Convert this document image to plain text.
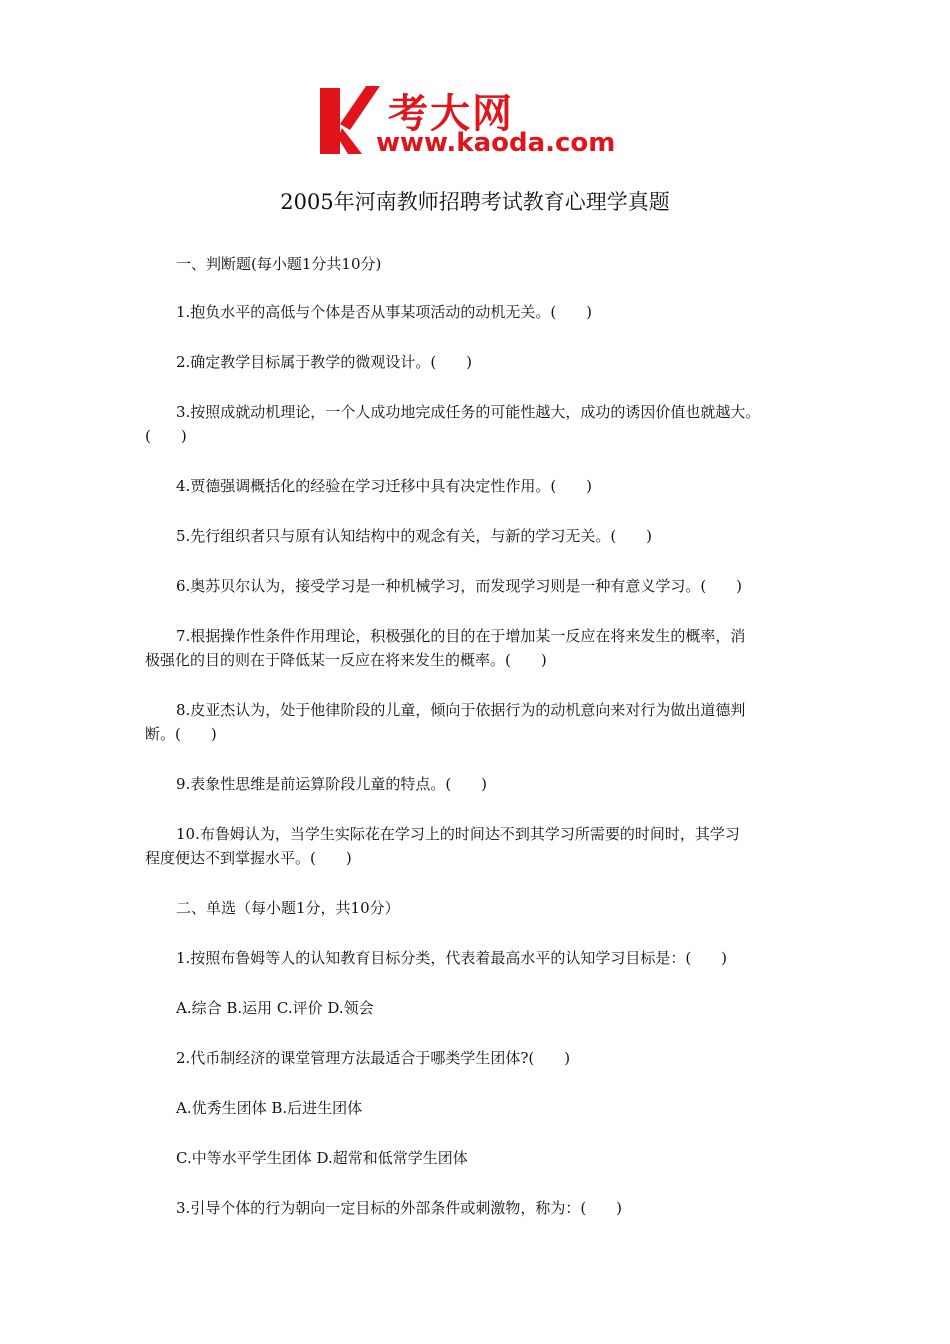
考大网
www.kaoda.com
2005年河南教师招聘考试教育心理学真题
一、判断题(每小题1分共10分)
1.抱负水平的高低与个体是否从事某项活动的动机无关。(　　)
2.确定教学目标属于教学的微观设计。(　　)
3.按照成就动机理论，一个人成功地完成任务的可能性越大，成功的诱因价值也就越大。
(　　)
4.贾德强调概括化的经验在学习迁移中具有决定性作用。(　　)
5.先行组织者只与原有认知结构中的观念有关，与新的学习无关。(　　)
6.奥苏贝尔认为，接受学习是一种机械学习，而发现学习则是一种有意义学习。(　　)
7.根据操作性条件作用理论，积极强化的目的在于增加某一反应在将来发生的概率，消
极强化的目的则在于降低某一反应在将来发生的概率。(　　)
8.皮亚杰认为，处于他律阶段的儿童，倾向于依据行为的动机意向来对行为做出道德判
断。(　　)
9.表象性思维是前运算阶段儿童的特点。(　　)
10.布鲁姆认为，当学生实际花在学习上的时间达不到其学习所需要的时间时，其学习
程度便达不到掌握水平。(　　)
二、单选（每小题1分，共10分）
1.按照布鲁姆等人的认知教育目标分类，代表着最高水平的认知学习目标是：(　　)
A.综合 B.运用 C.评价 D.领会
2.代币制经济的课堂管理方法最适合于哪类学生团体?(　　)
A.优秀生团体 B.后进生团体
C.中等水平学生团体 D.超常和低常学生团体
3.引导个体的行为朝向一定目标的外部条件或刺激物，称为：(　　)
